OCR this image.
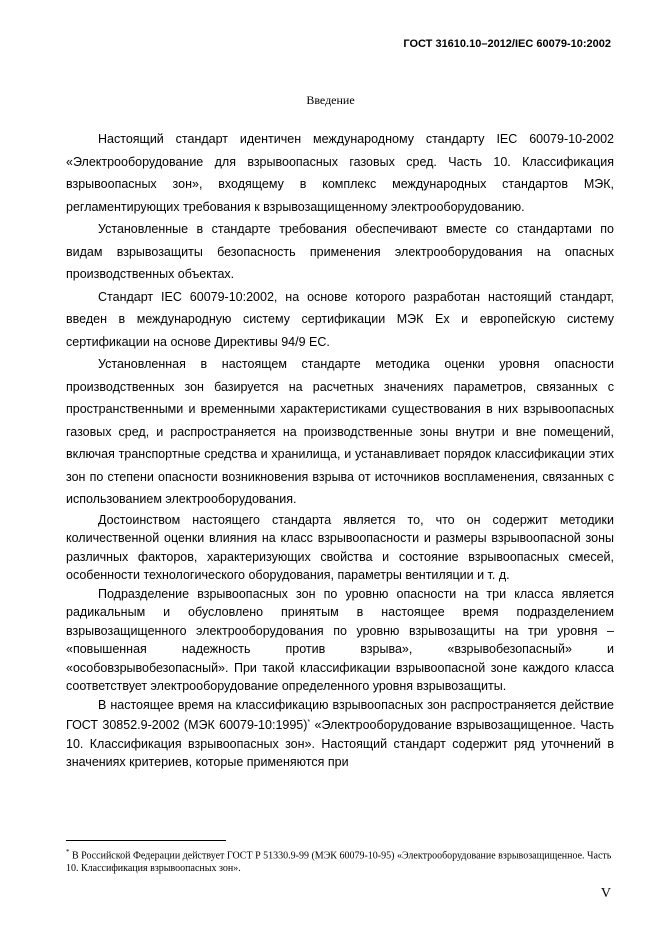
ГОСТ 31610.10–2012/IEC 60079-10:2002
Введение

Настоящий стандарт идентичен международному стандарту IEC 60079-10-2002 «Электрооборудование для взрывоопасных газовых сред. Часть 10. Классификация взрывоопасных зон», входящему в комплекс международных стандартов МЭК, регламентирующих требования к взрывозащищенному электрооборудованию.

Установленные в стандарте требования обеспечивают вместе со стандартами по видам взрывозащиты безопасность применения электрооборудования на опасных производственных объектах.

Стандарт IEC 60079-10:2002, на основе которого разработан настоящий стандарт, введен в международную систему сертификации МЭК Ex и европейскую систему сертификации на основе Директивы 94/9 ЕС.

Установленная в настоящем стандарте методика оценки уровня опасности производственных зон базируется на расчетных значениях параметров, связанных с пространственными и временными характеристиками существования в них взрывоопасных газовых сред, и распространяется на производственные зоны внутри и вне помещений, включая транспортные средства и хранилища, и устанавливает порядок классификации этих зон по степени опасности возникновения взрыва от источников воспламенения, связанных с использованием электрооборудования.

Достоинством настоящего стандарта является то, что он содержит методики количественной оценки влияния на класс взрывоопасности и размеры взрывоопасной зоны различных факторов, характеризующих свойства и состояние взрывоопасных смесей, особенности технологического оборудования, параметры вентиляции и т. д.

Подразделение взрывоопасных зон по уровню опасности на три класса является радикальным и обусловлено принятым в настоящее время подразделением взрывозащищенного электрооборудования по уровню взрывозащиты на три уровня – «повышенная надежность против взрыва», «взрывобезопасный» и «особовзрывобезопасный». При такой классификации взрывоопасной зоне каждого класса соответствует электрооборудование определенного уровня взрывозащиты.

В настоящее время на классификацию взрывоопасных зон распространяется действие ГОСТ 30852.9-2002 (МЭК 60079-10:1995)* «Электрооборудование взрывозащищенное. Часть 10. Классификация взрывоопасных зон». Настоящий стандарт содержит ряд уточнений в значениях критериев, которые применяются при

* В Российской Федерации действует ГОСТ Р 51330.9-99 (МЭК 60079-10-95) «Электрооборудование взрывозащищенное. Часть 10. Классификация взрывоопасных зон».
V
